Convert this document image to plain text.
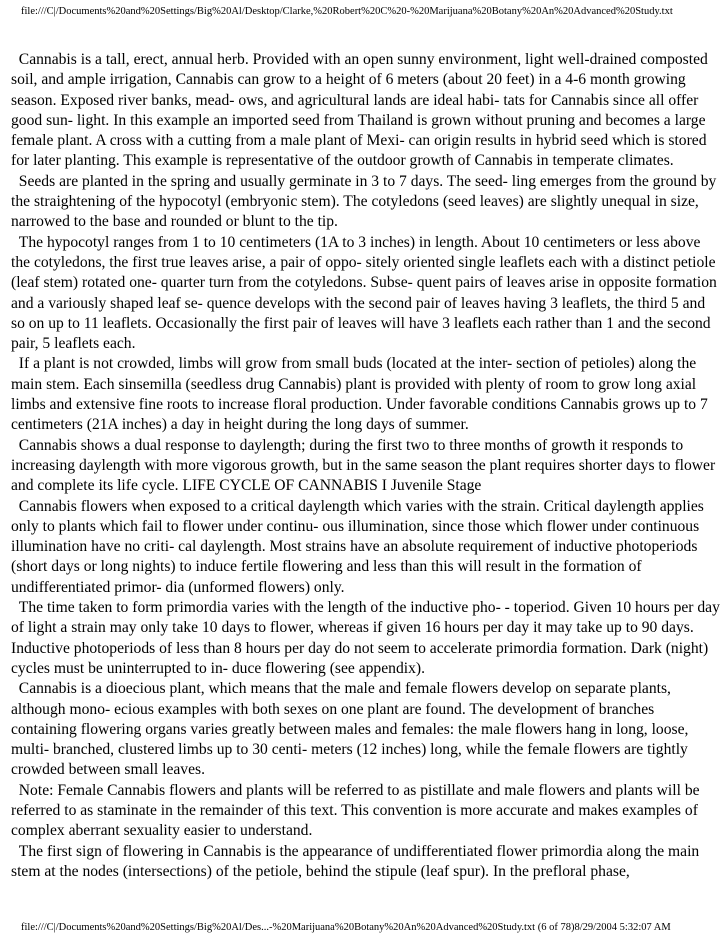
file:///C|/Documents%20and%20Settings/Big%20Al/Desktop/Clarke,%20Robert%20C%20-%20Marijuana%20Botany%20An%20Advanced%20Study.txt

Cannabis is a tall, erect, annual herb. Provided with an open sunny environment, light well-drained composted soil, and ample irrigation, Cannabis can grow to a height of 6 meters (about 20 feet) in a 4-6 month growing season. Exposed river banks, mead- ows, and agricultural lands are ideal habi- tats for Cannabis since all offer good sun- light. In this example an imported seed from Thailand is grown without pruning and becomes a large female plant. A cross with a cutting from a male plant of Mexi- can origin results in hybrid seed which is stored for later planting. This example is representative of the outdoor growth of Cannabis in temperate climates.

Seeds are planted in the spring and usually germinate in 3 to 7 days. The seed- ling emerges from the ground by the straightening of the hypocotyl (embryonic stem). The cotyledons (seed leaves) are slightly unequal in size, narrowed to the base and rounded or blunt to the tip.

The hypocotyl ranges from 1 to 10 centimeters (1A to 3 inches) in length. About 10 centimeters or less above the cotyledons, the first true leaves arise, a pair of oppo- sitely oriented single leaflets each with a distinct petiole (leaf stem) rotated one- quarter turn from the cotyledons. Subse- quent pairs of leaves arise in opposite formation and a variously shaped leaf se- quence develops with the second pair of leaves having 3 leaflets, the third 5 and so on up to 11 leaflets. Occasionally the first pair of leaves will have 3 leaflets each rather than 1 and the second pair, 5 leaflets each.

If a plant is not crowded, limbs will grow from small buds (located at the inter- section of petioles) along the main stem. Each sinsemilla (seedless drug Cannabis) plant is provided with plenty of room to grow long axial limbs and extensive fine roots to increase floral production. Under favorable conditions Cannabis grows up to 7 centimeters (21A inches) a day in height during the long days of summer.

Cannabis shows a dual response to daylength; during the first two to three months of growth it responds to increasing daylength with more vigorous growth, but in the same season the plant requires shorter days to flower and complete its life cycle. LIFE CYCLE OF CANNABIS I Juvenile Stage

Cannabis flowers when exposed to a critical daylength which varies with the strain. Critical daylength applies only to plants which fail to flower under continu- ous illumination, since those which flower under continuous illumination have no criti- cal daylength. Most strains have an absolute requirement of inductive photoperiods (short days or long nights) to induce fertile flowering and less than this will result in the formation of undifferentiated primor- dia (unformed flowers) only.

The time taken to form primordia varies with the length of the inductive pho- - toperiod. Given 10 hours per day of light a strain may only take 10 days to flower, whereas if given 16 hours per day it may take up to 90 days. Inductive photoperiods of less than 8 hours per day do not seem to accelerate primordia formation. Dark (night) cycles must be uninterrupted to in- duce flowering (see appendix).

Cannabis is a dioecious plant, which means that the male and female flowers develop on separate plants, although mono- ecious examples with both sexes on one plant are found. The development of branches containing flowering organs varies greatly between males and females: the male flowers hang in long, loose, multi- branched, clustered limbs up to 30 centi- meters (12 inches) long, while the female flowers are tightly crowded between small leaves.

Note: Female Cannabis flowers and plants will be referred to as pistillate and male flowers and plants will be referred to as staminate in the remainder of this text. This convention is more accurate and makes examples of complex aberrant sexuality easier to understand.

The first sign of flowering in Cannabis is the appearance of undifferentiated flower primordia along the main stem at the nodes (intersections) of the petiole, behind the stipule (leaf spur). In the prefloral phase,

file:///C|/Documents%20and%20Settings/Big%20Al/Des...-%20Marijuana%20Botany%20An%20Advanced%20Study.txt (6 of 78)8/29/2004 5:32:07 AM
